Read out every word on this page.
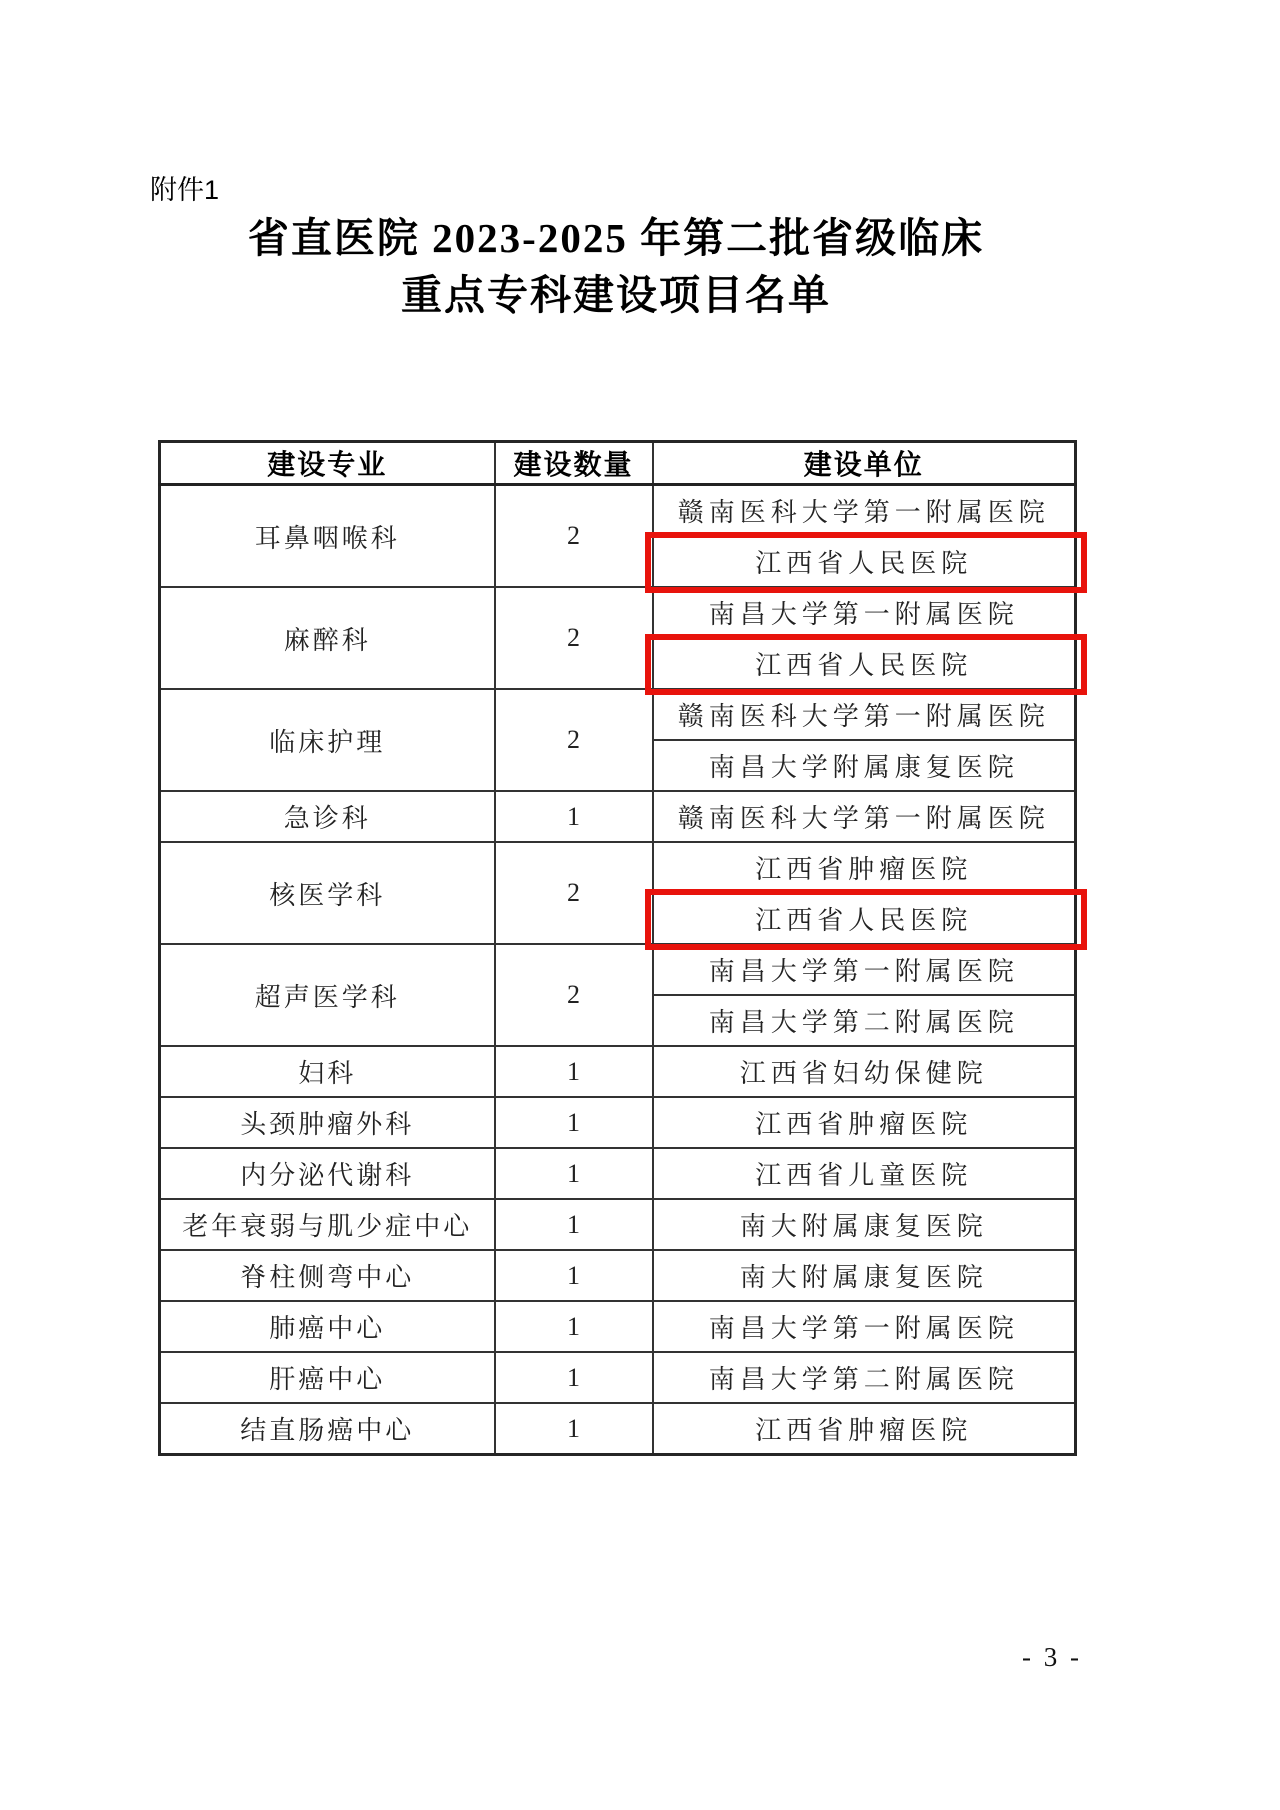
附件1
省直医院 2023-2025 年第二批省级临床
重点专科建设项目名单
建设专业	建设数量	建设单位
耳鼻咽喉科	2	赣南医科大学第一附属医院
		江西省人民医院

麻醉科	2	南昌大学第一附属医院
		江西省人民医院

临床护理	2	赣南医科大学第一附属医院
		南昌大学附属康复医院
急诊科	1	赣南医科大学第一附属医院
核医学科	2	江西省肿瘤医院
		江西省人民医院

超声医学科	2	南昌大学第一附属医院
		南昌大学第二附属医院
妇科	1	江西省妇幼保健院
头颈肿瘤外科	1	江西省肿瘤医院
内分泌代谢科	1	江西省儿童医院
老年衰弱与肌少症中心	1	南大附属康复医院
脊柱侧弯中心	1	南大附属康复医院
肺癌中心	1	南昌大学第一附属医院
肝癌中心	1	南昌大学第二附属医院
结直肠癌中心	1	江西省肿瘤医院
- 3 -
